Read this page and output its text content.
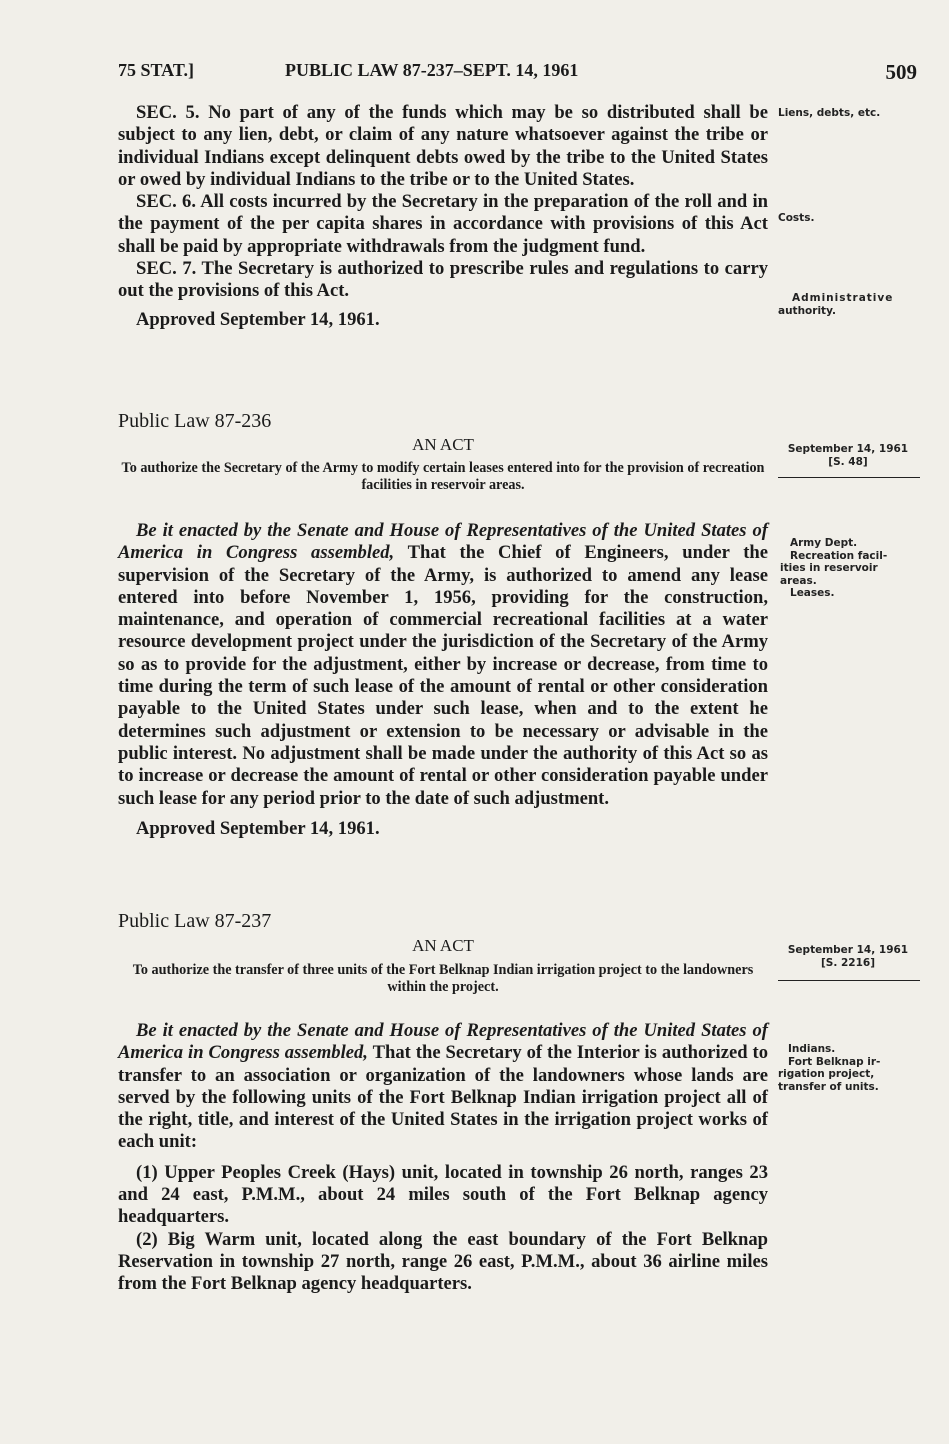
75 STAT.]	PUBLIC LAW 87-237–SEPT. 14, 1961	509

SEC. 5. No part of any of the funds which may be so distributed shall be subject to any lien, debt, or claim of any nature whatsoever against the tribe or individual Indians except delinquent debts owed by the tribe to the United States or owed by individual Indians to the tribe or to the United States.

SEC. 6. All costs incurred by the Secretary in the preparation of the roll and in the payment of the per capita shares in accordance with provisions of this Act shall be paid by appropriate withdrawals from the judgment fund.

SEC. 7. The Secretary is authorized to prescribe rules and regulations to carry out the provisions of this Act.

Approved September 14, 1961.
Liens, debts, etc.
Costs.
Administrative
authority.
Public Law 87-236
AN ACT
To authorize the Secretary of the Army to modify certain leases entered into for the provision of recreation facilities in reservoir areas.
September 14, 1961
[S. 48]

Be it enacted by the Senate and House of Representatives of the United States of America in Congress assembled, That the Chief of Engineers, under the supervision of the Secretary of the Army, is authorized to amend any lease entered into before November 1, 1956, providing for the construction, maintenance, and operation of commercial recreational facilities at a water resource development project under the jurisdiction of the Secretary of the Army so as to provide for the adjustment, either by increase or decrease, from time to time during the term of such lease of the amount of rental or other consideration payable to the United States under such lease, when and to the extent he determines such adjustment or extension to be necessary or advisable in the public interest. No adjustment shall be made under the authority of this Act so as to increase or decrease the amount of rental or other consideration payable under such lease for any period prior to the date of such adjustment.

Approved September 14, 1961.
Army Dept.
Recreation facil-
ities in reservoir
areas.
Leases.
Public Law 87-237
AN ACT
To authorize the transfer of three units of the Fort Belknap Indian irrigation project to the landowners within the project.
September 14, 1961
[S. 2216]

Be it enacted by the Senate and House of Representatives of the United States of America in Congress assembled, That the Secretary of the Interior is authorized to transfer to an association or organization of the landowners whose lands are served by the following units of the Fort Belknap Indian irrigation project all of the right, title, and interest of the United States in the irrigation project works of each unit:

(1) Upper Peoples Creek (Hays) unit, located in township 26 north, ranges 23 and 24 east, P.M.M., about 24 miles south of the Fort Belknap agency headquarters.

(2) Big Warm unit, located along the east boundary of the Fort Belknap Reservation in township 27 north, range 26 east, P.M.M., about 36 airline miles from the Fort Belknap agency headquarters.

Indians.
Fort Belknap ir-
rigation project,
transfer of units.
